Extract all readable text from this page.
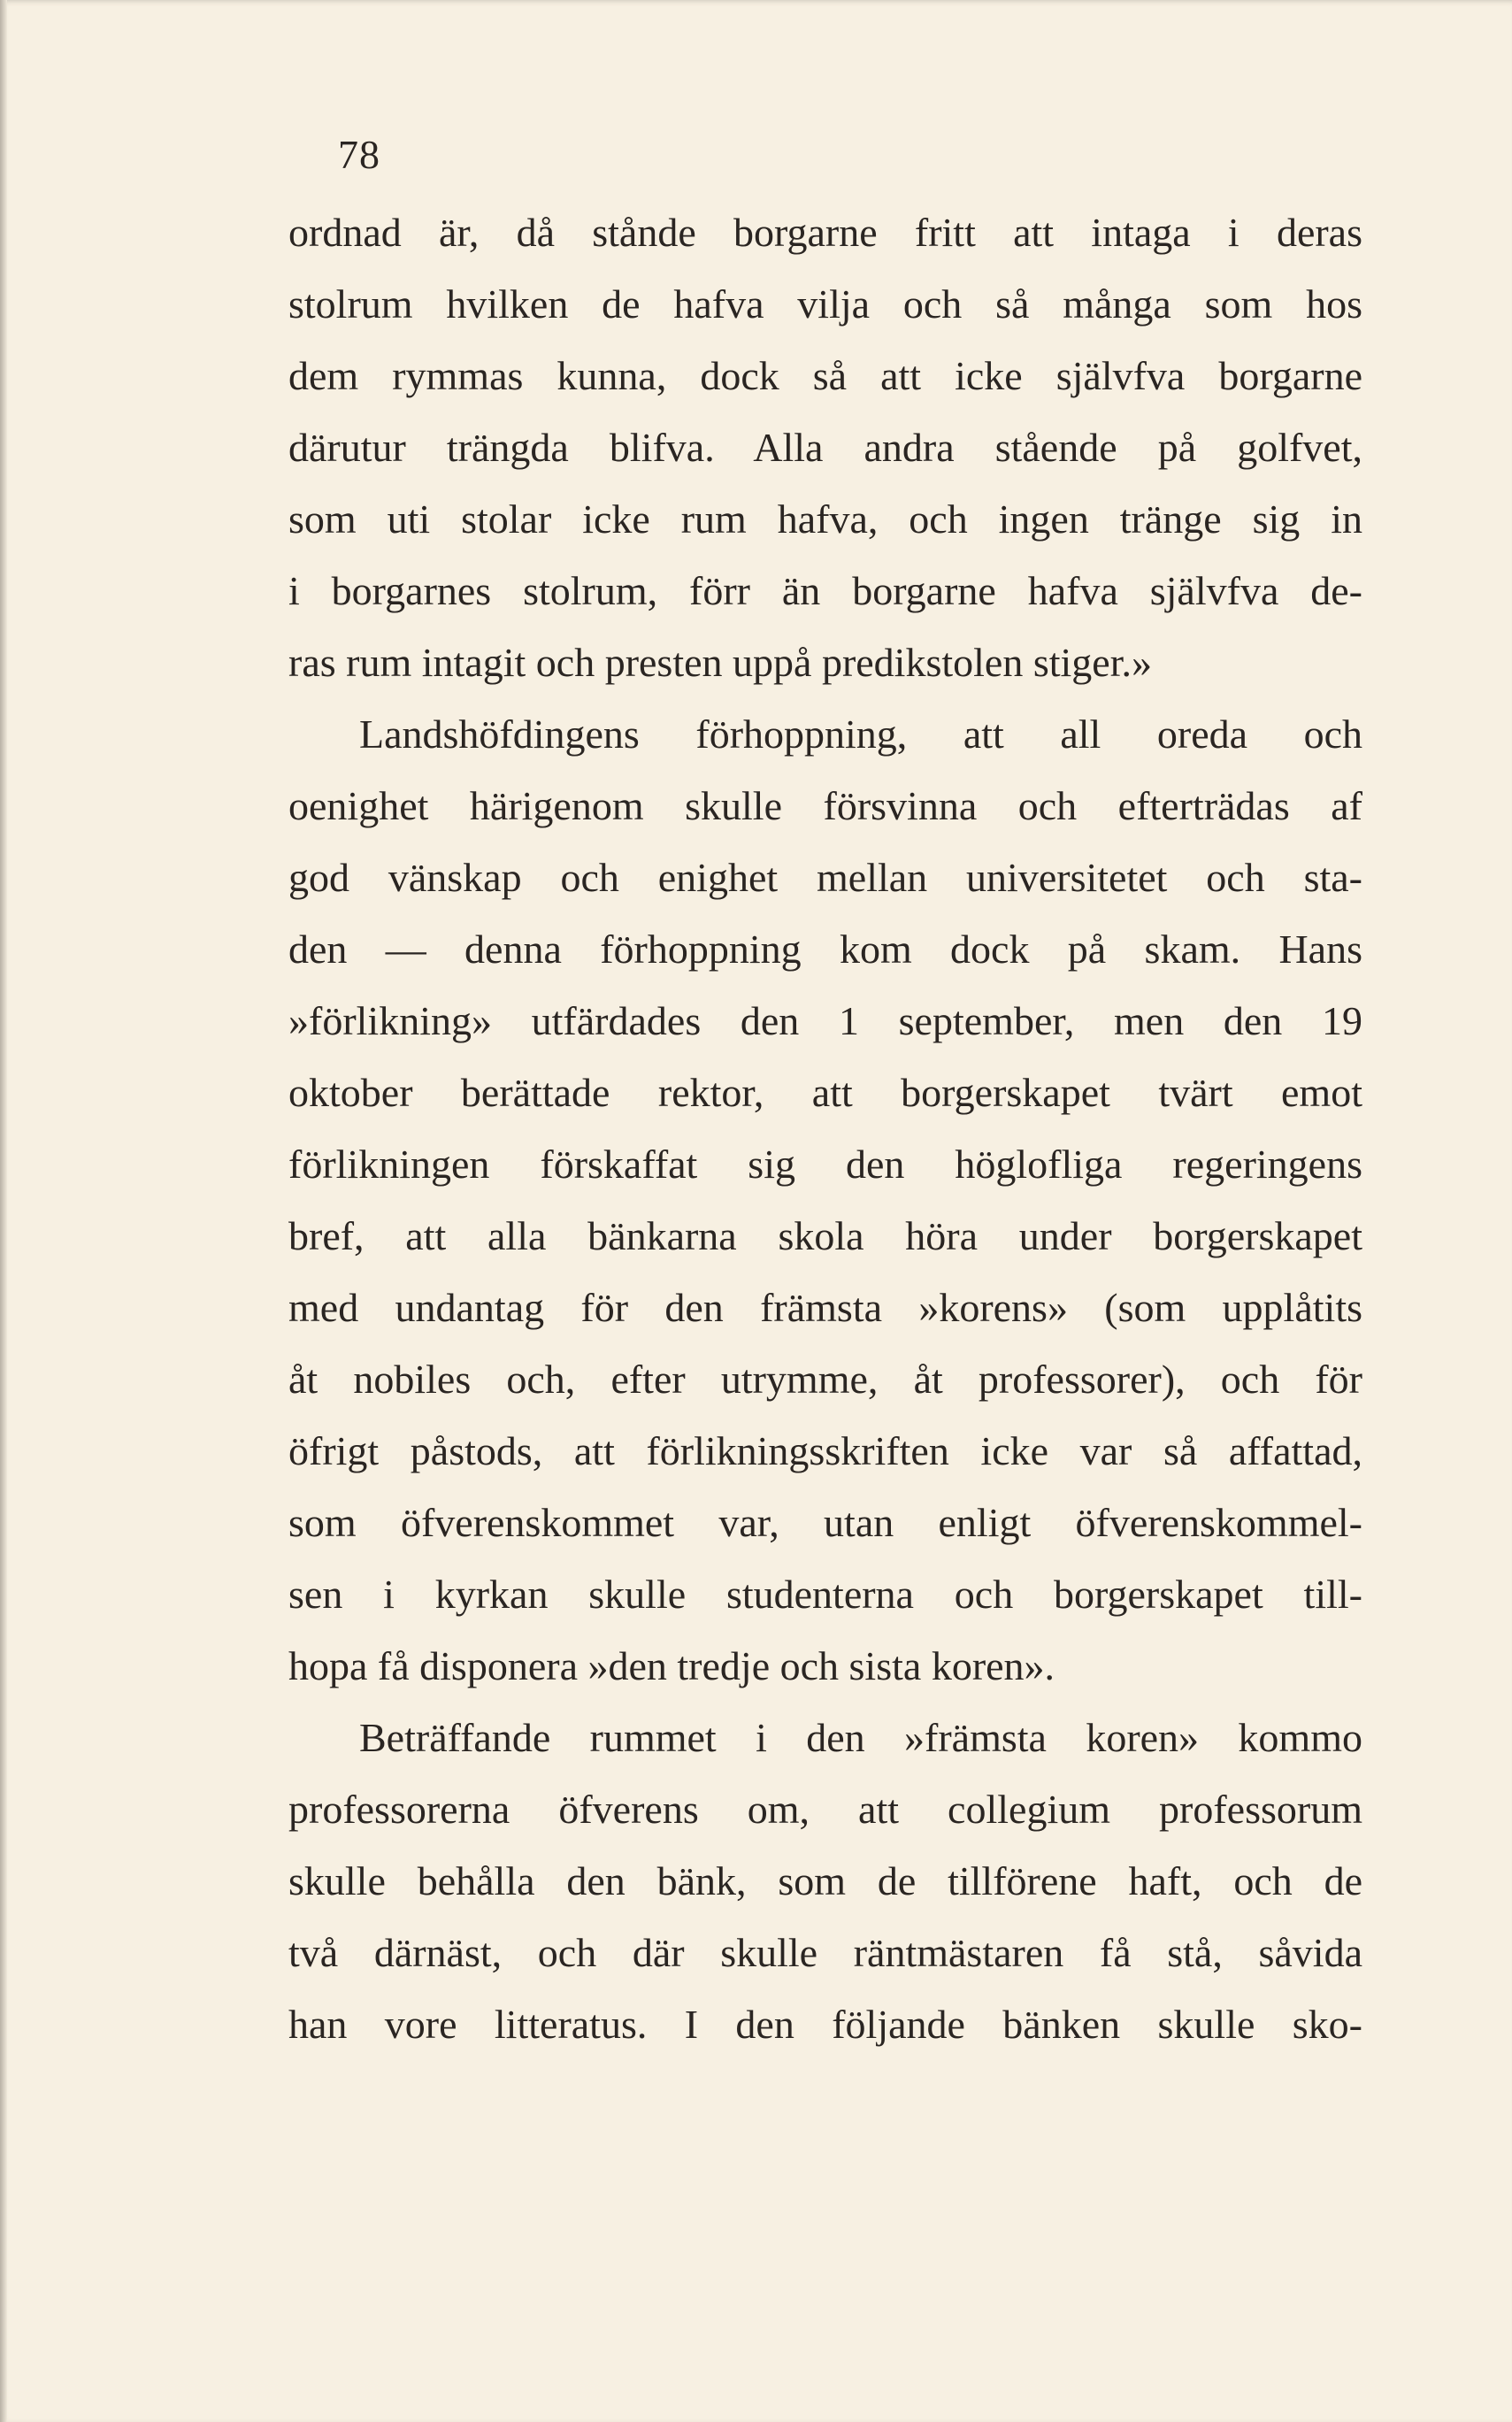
78
ordnad är, då stånde borgarne fritt att intaga i deras
stolrum hvilken de hafva vilja och så många som hos
dem rymmas kunna, dock så att icke självfva borgarne
därutur trängda blifva. Alla andra stående på golfvet,
som uti stolar icke rum hafva, och ingen tränge sig in
i borgarnes stolrum, förr än borgarne hafva självfva de-
ras rum intagit och presten uppå predikstolen stiger.»
Landshöfdingens förhoppning, att all oreda och
oenighet härigenom skulle försvinna och efterträdas af
god vänskap och enighet mellan universitetet och sta-
den — denna förhoppning kom dock på skam. Hans
»förlikning» utfärdades den 1 september, men den 19
oktober berättade rektor, att borgerskapet tvärt emot
förlikningen förskaffat sig den höglofliga regeringens
bref, att alla bänkarna skola höra under borgerskapet
med undantag för den främsta »korens» (som upplåtits
åt nobiles och, efter utrymme, åt professorer), och för
öfrigt påstods, att förlikningsskriften icke var så affattad,
som öfverenskommet var, utan enligt öfverenskommel-
sen i kyrkan skulle studenterna och borgerskapet till-
hopa få disponera »den tredje och sista koren».
Beträffande rummet i den »främsta koren» kommo
professorerna öfverens om, att collegium professorum
skulle behålla den bänk, som de tillförene haft, och de
två därnäst, och där skulle räntmästaren få stå, såvida
han vore litteratus. I den följande bänken skulle sko-
